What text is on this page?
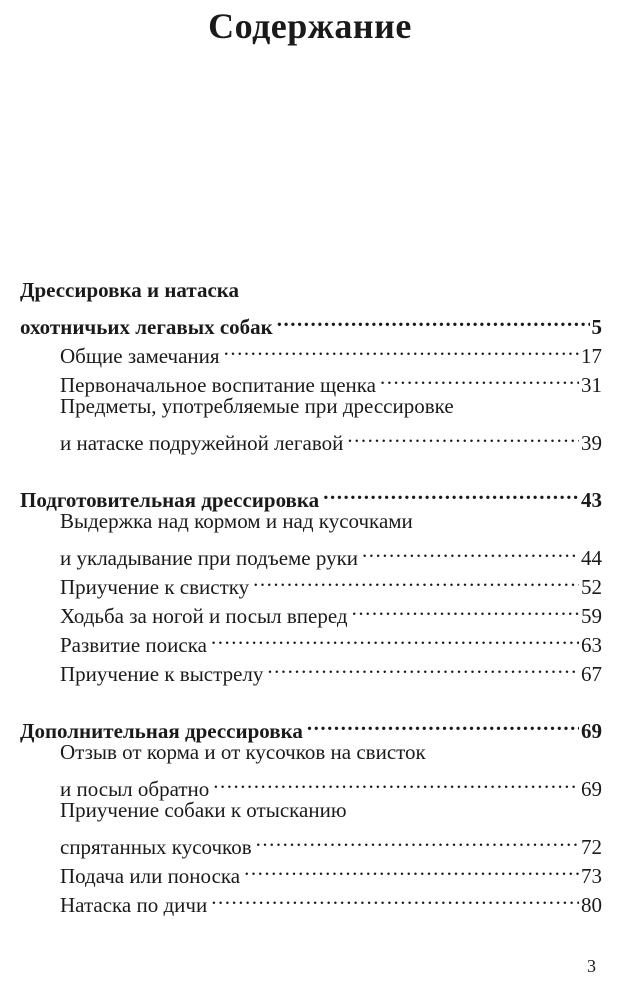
Содержание
Дрессировка и натаска
охотничьих легавых собак .....	5
Общие замечания .....	17
Первоначальное воспитание щенка .....	31
Предметы, употребляемые при дрессировке
и натаске подружейной легавой .....	39
Подготовительная дрессировка .....	43
Выдержка над кормом и над кусочками
и укладывание при подъеме руки .....	44
Приучение к свистку .....	52
Ходьба за ногой и посыл вперед .....	59
Развитие поиска .....	63
Приучение к выстрелу .....	67
Дополнительная дрессировка .....	69
Отзыв от корма и от кусочков на свисток
и посыл обратно .....	69
Приучение собаки к отысканию
спрятанных кусочков .....	72
Подача или поноска .....	73
Натаска по дичи .....	80
3
